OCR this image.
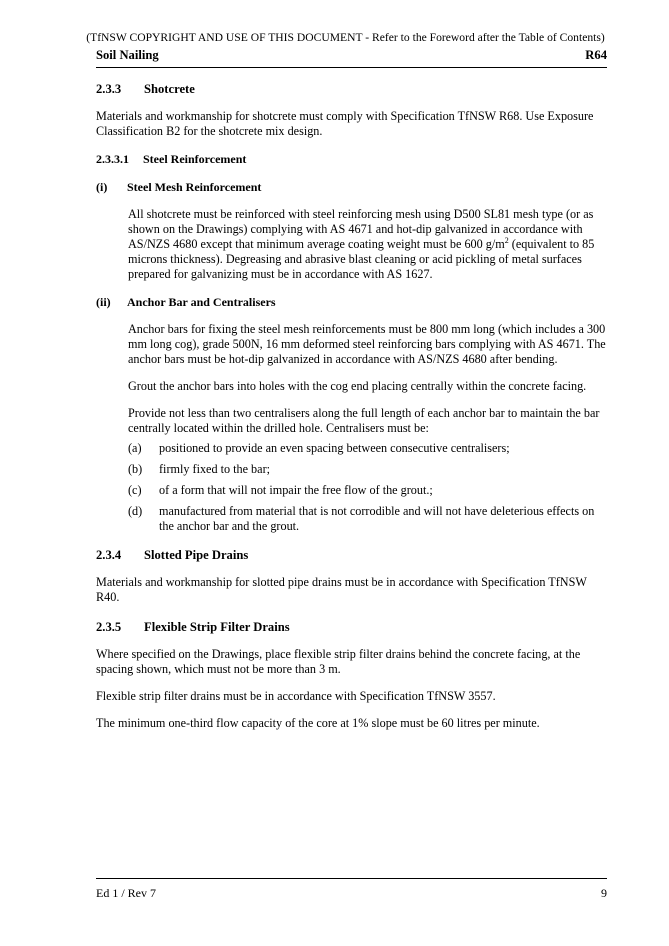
(TfNSW COPYRIGHT AND USE OF THIS DOCUMENT - Refer to the Foreword after the Table of Contents)
Soil Nailing	R64
2.3.3	Shotcrete

Materials and workmanship for shotcrete must comply with Specification TfNSW R68. Use Exposure Classification B2 for the shotcrete mix design.

2.3.3.1	Steel Reinforcement
(i)	Steel Mesh Reinforcement

All shotcrete must be reinforced with steel reinforcing mesh using D500 SL81 mesh type (or as shown on the Drawings) complying with AS 4671 and hot-dip galvanized in accordance with AS/NZS 4680 except that minimum average coating weight must be 600 $g/m^2$ (equivalent to 85 microns thickness). Degreasing and abrasive blast cleaning or acid pickling of metal surfaces prepared for galvanizing must be in accordance with AS 1627.

(ii)	Anchor Bar and Centralisers

Anchor bars for fixing the steel mesh reinforcements must be 800 mm long (which includes a 300 mm long cog), grade 500N, 16 mm deformed steel reinforcing bars complying with AS 4671. The anchor bars must be hot-dip galvanized in accordance with AS/NZS 4680 after bending.

Grout the anchor bars into holes with the cog end placing centrally within the concrete facing.

Provide not less than two centralisers along the full length of each anchor bar to maintain the bar centrally located within the drilled hole. Centralisers must be:

(a)	positioned to provide an even spacing between consecutive centralisers;
(b)	firmly fixed to the bar;
(c)	of a form that will not impair the free flow of the grout.;
(d)	manufactured from material that is not corrodible and will not have deleterious effects on the anchor bar and the grout.
2.3.4	Slotted Pipe Drains

Materials and workmanship for slotted pipe drains must be in accordance with Specification TfNSW R40.

2.3.5	Flexible Strip Filter Drains

Where specified on the Drawings, place flexible strip filter drains behind the concrete facing, at the spacing shown, which must not be more than 3 m.

Flexible strip filter drains must be in accordance with Specification TfNSW 3557.

The minimum one-third flow capacity of the core at 1% slope must be 60 litres per minute.

Ed 1 / Rev 7	9
